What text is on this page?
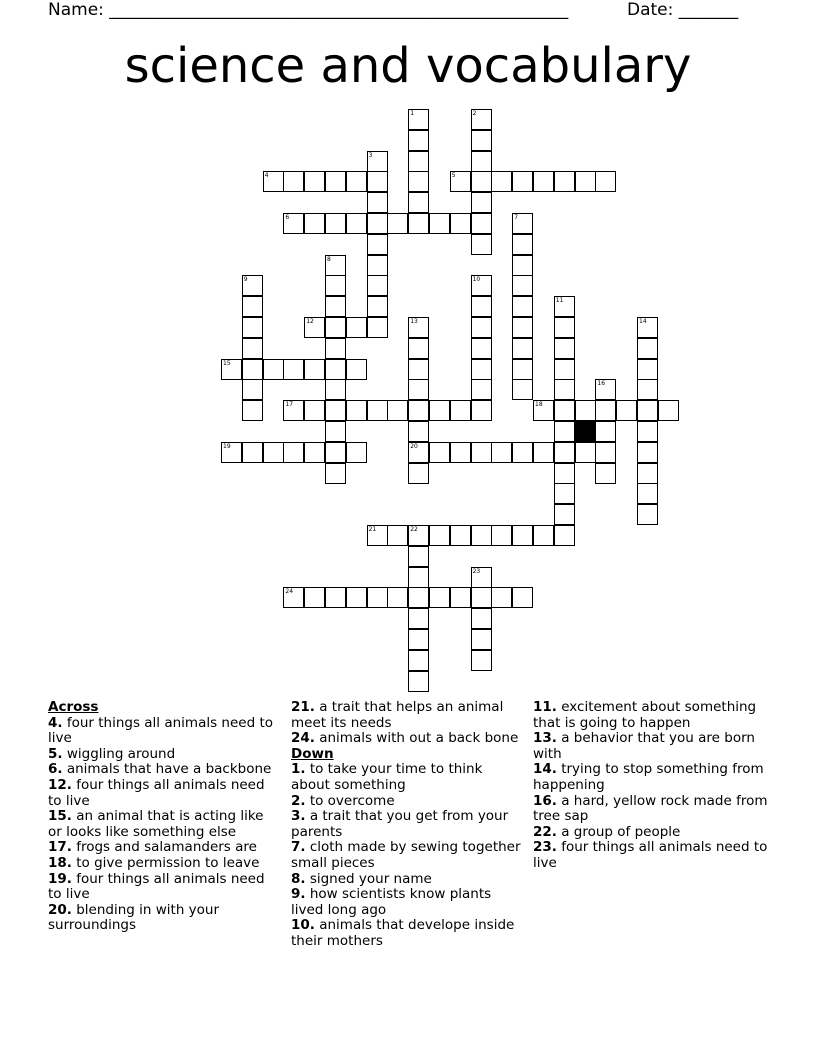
Name: ______________________________________________________	Date: _______
science and vocabulary
1	2
3
4	5
6	7
8
9	10
11
12	13
20
14
15
16
17	18
19
21	22
23
24
Across
4. four things all animals need to live
5. wiggling around
6. animals that have a backbone
12. four things all animals need to live
15. an animal that is acting like or looks like something else
17. frogs and salamanders are
18. to give permission to leave
19. four things all animals need to live
20. blending in with your surroundings
21. a trait that helps an animal meet its needs
24. animals with out a back bone
Down
1. to take your time to think about something
2. to overcome
3. a trait that you get from your parents
7. cloth made by sewing together small pieces
8. signed your name
9. how scientists know plants lived long ago
10. animals that develope inside their mothers
11. excitement about something that is going to happen
13. a behavior that you are born with
14. trying to stop something from happening
16. a hard, yellow rock made from tree sap
22. a group of people
23. four things all animals need to live
